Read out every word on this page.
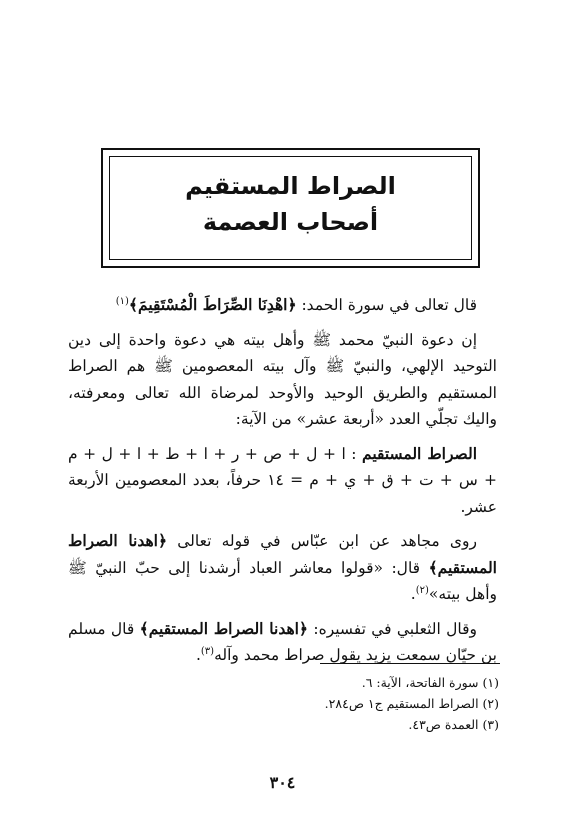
الصراط المستقيم
أصحاب العصمة

قال تعالى في سورة الحمد: ﴿اهْدِنَا الصِّرَاطَ الْمُسْتَقِيمَ﴾$^{(١)}$

إن دعوة النبيّ محمد ﷺ وأهل بيته هي دعوة واحدة إلى دين التوحيد الإلهي، والنبيّ ﷺ وآل بيته المعصومين ﷺ هم الصراط المستقيم والطريق الوحيد والأوحد لمرضاة الله تعالى ومعرفته، واليك تجلّي العدد «أربعة عشر» من الآية:

الصراط المستقيم : ا + ل + ص + ر + ا + ط + ا + ل + م + س + ت + ق + ي + م = ١٤ حرفاً، بعدد المعصومين الأربعة عشر.

روى مجاهد عن ابن عبّاس في قوله تعالى ﴿اهدنا الصراط المستقيم﴾ قال: «قولوا معاشر العباد أرشدنا إلى حبّ النبيّ ﷺ وأهل بيته»$^{(٢)}$.

وقال الثعلبي في تفسيره: ﴿اهدنا الصراط المستقيم﴾ قال مسلم بن حيّان سمعت يزيد يقول صراط محمد وآله$^{(٣)}$.

(١) سورة الفاتحة، الآية: ٦.

(٢) الصراط المستقيم ج١ ص٢٨٤.

(٣) العمدة ص٤٣.

٣٠٤
